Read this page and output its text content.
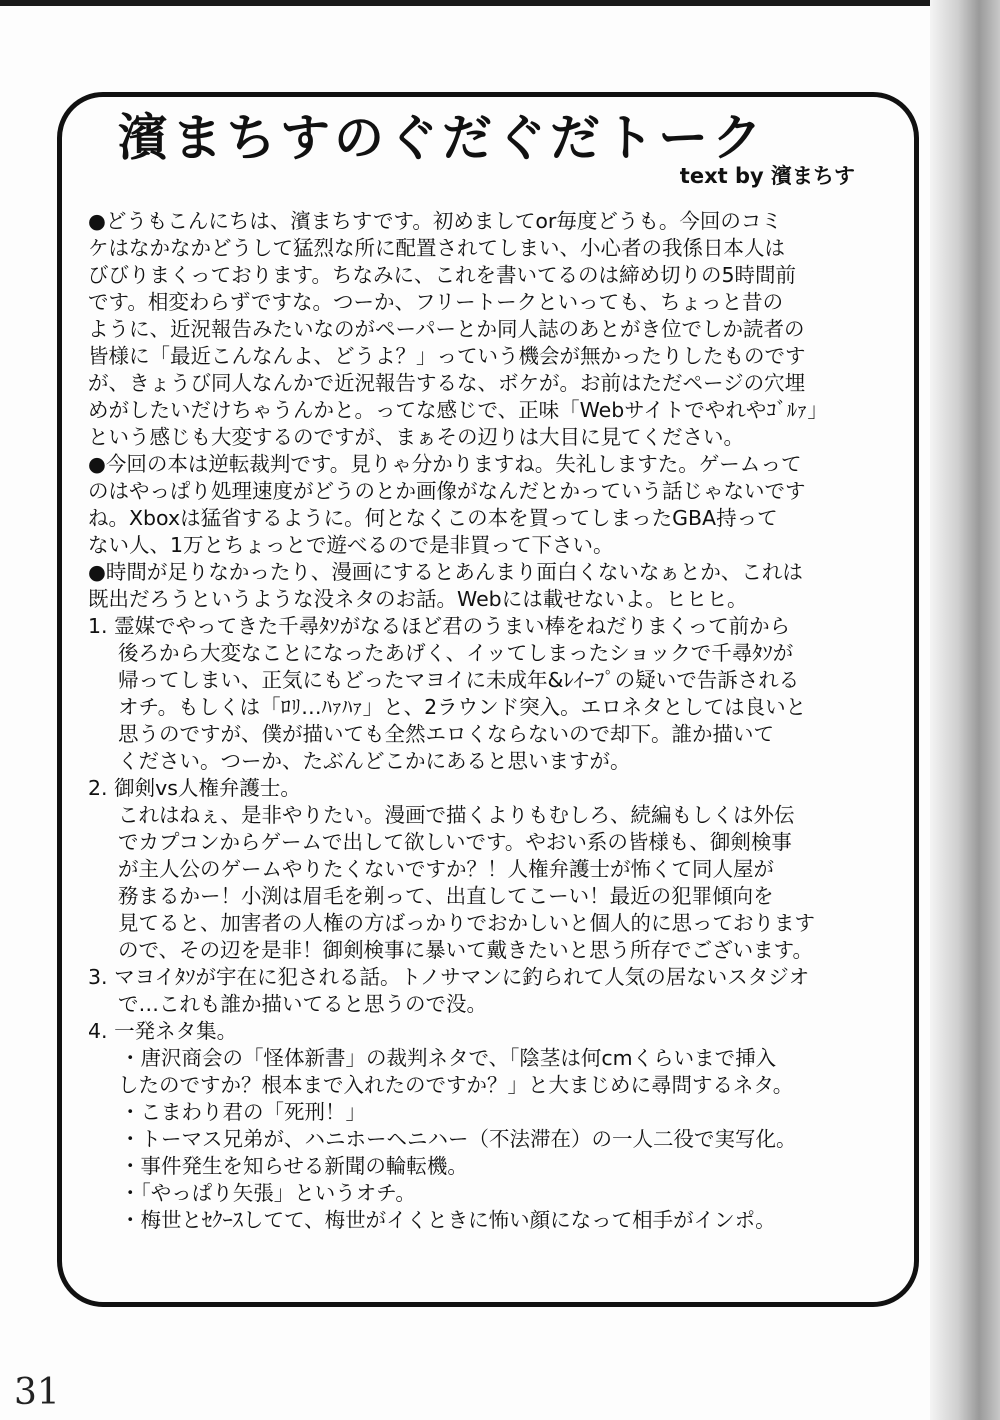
濱まちすのぐだぐだトーク
text by 濱まちす

●どうもこんにちは、濱まちすです。初めましてor毎度どうも。今回のコミ

ケはなかなかどうして猛烈な所に配置されてしまい、小心者の我係日本人は

びびりまくっております。ちなみに、これを書いてるのは締め切りの5時間前

です。相変わらずですな。つーか、フリートークといっても、ちょっと昔の

ように、近況報告みたいなのがペーパーとか同人誌のあとがき位でしか読者の

皆様に「最近こんなんよ、どうよ？」っていう機会が無かったりしたものです

が、きょうび同人なんかで近況報告するな、ボケが。お前はただページの穴埋

めがしたいだけちゃうんかと。ってな感じで、正味「Webサイトでやれやｺﾞﾙｧ」

という感じも大変するのですが、まぁその辺りは大目に見てください。

●今回の本は逆転裁判です。見りゃ分かりますね。失礼しますた。ゲームって

のはやっぱり処理速度がどうのとか画像がなんだとかっていう話じゃないです

ね。Xboxは猛省するように。何となくこの本を買ってしまったGBA持って

ない人、1万とちょっとで遊べるので是非買って下さい。

●時間が足りなかったり、漫画にするとあんまり面白くないなぁとか、これは

既出だろうというような没ネタのお話。Webには載せないよ。ヒヒヒ。

1. 霊媒でやってきた千尋ﾀｿがなるほど君のうまい棒をねだりまくって前から

後ろから大変なことになったあげく、イッてしまったショックで千尋ﾀｿが

帰ってしまい、正気にもどったマヨイに未成年&ﾚｲｰﾌﾟの疑いで告訴される

オチ。もしくは「ﾛﾘ…ﾊｧﾊｧ」と、2ラウンド突入。エロネタとしては良いと

思うのですが、僕が描いても全然エロくならないので却下。誰か描いて

ください。つーか、たぶんどこかにあると思いますが。

2. 御剣vs人権弁護士。

これはねぇ、是非やりたい。漫画で描くよりもむしろ、続編もしくは外伝

でカプコンからゲームで出して欲しいです。やおい系の皆様も、御剣検事

が主人公のゲームやりたくないですか？！人権弁護士が怖くて同人屋が

務まるかー！小渕は眉毛を剃って、出直してこーい！最近の犯罪傾向を

見てると、加害者の人権の方ばっかりでおかしいと個人的に思っております

ので、その辺を是非！御剣検事に暴いて戴きたいと思う所存でございます。

3. マヨイﾀｿが宇在に犯される話。トノサマンに釣られて人気の居ないスタジオ

で…これも誰か描いてると思うので没。

4. 一発ネタ集。

・唐沢商会の「怪体新書」の裁判ネタで、「陰茎は何cmくらいまで挿入

したのですか？根本まで入れたのですか？」と大まじめに尋問するネタ。

・こまわり君の「死刑！」

・トーマス兄弟が、ハニホーヘニハー（不法滞在）の一人二役で実写化。

・事件発生を知らせる新聞の輪転機。

・「やっぱり矢張」というオチ。

・梅世とｾｸｰｽしてて、梅世がイくときに怖い顔になって相手がインポ。

31
